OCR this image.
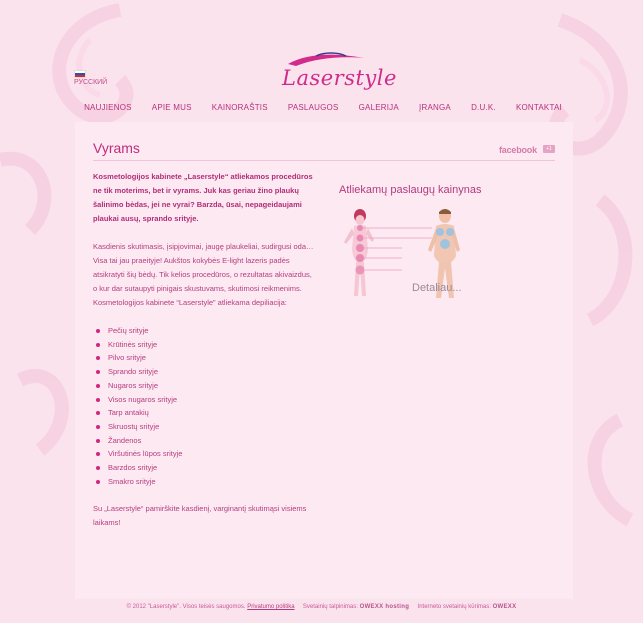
РУССКИЙ	Laserstyle
NAUJIENOS	APIE MUS	KAINORAŠTIS	PASLAUGOS	GALERIJA	ĮRANGA	D.U.K.	KONTAKTAI
Vyrams	facebook	+1

Kosmetologijos kabinete „Laserstyle“ atliekamos procedūros ne tik moterims, bet ir vyrams. Juk kas geriau žino plaukų šalinimo bėdas, jei ne vyrai? Barzda, ūsai, nepageidaujami plaukai ausų, sprando srityje.

Kasdienis skutimasis, įsipjovimai, įaugę plaukeliai, sudirgusi oda… Visa tai jau praeityje! Aukštos kokybės E-light lazeris padės atsikratyti šių bėdų. Tik kelios procedūros, o rezultatas akivaizdus, o kur dar sutaupyti pinigais skustuvams, skutimosi reikmenims. Kosmetologijos kabinete “Laserstyle” atliekama depiliacija:

Pečių srityje
Krūtinės srityje
Pilvo srityje
Sprando srityje
Nugaros srityje
Visos nugaros srityje
Tarp antakių
Skruostų srityje
Žandenos
Viršutinės lūpos srityje
Barzdos srityje
Smakro srityje

Su „Laserstyle“ pamirškite kasdienį, varginantį skutimąsi visiems laikams!

Atliekamų paslaugų kainynas
Detaliau...
© 2012 "Laserstyle". Visos teisės saugomos. Privatumo politika Svetainių talpinimas: OWEXX hosting Interneto svetainių kūrimas: OWEXX
